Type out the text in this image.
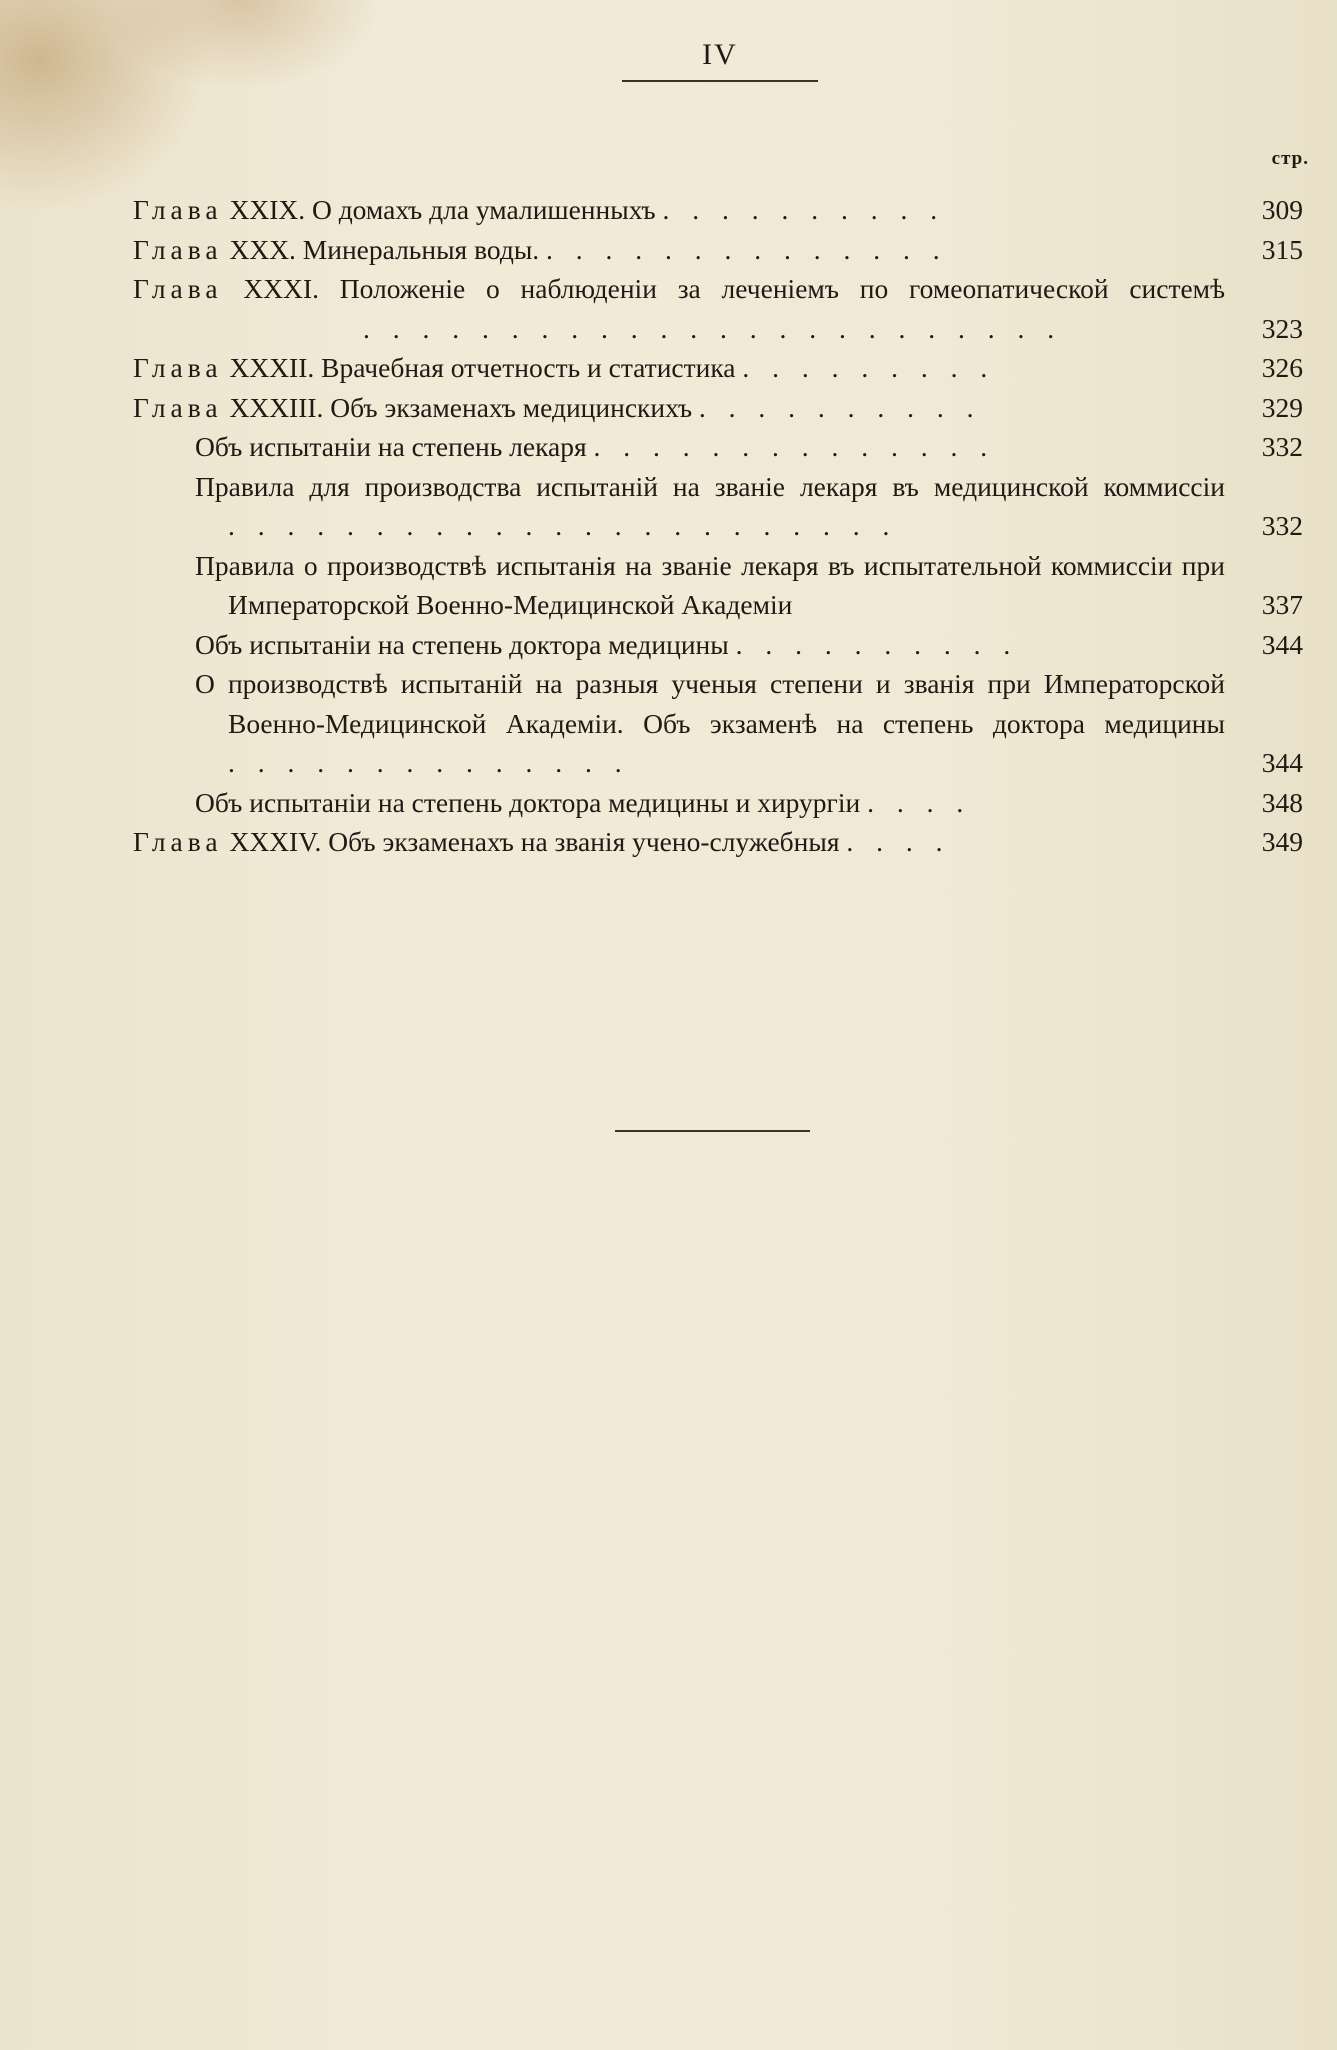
IV
стр.
Глава XXIX. О домахъ дла умалишенныхъ . . . . . . . . . .	309
Глава XXX. Минеральныя воды. . . . . . . . . . . . . . .	315
Глава XXXI. Положенiе о наблюденiи за леченiемъ по гомеопатической системѣ . . . . . . . . . . . . . . . . . . . . . . . .	323
Глава XXXII. Врачебная отчетность и статистика . . . . . . . . .	326
Глава XXXIII. Объ экзаменахъ медицинскихъ . . . . . . . . . .	329
Объ испытанiи на степень лекаря . . . . . . . . . . . . . .	332
Правила для производства испытанiй на званiе лекаря въ медицинской коммиссiи . . . . . . . . . . . . . . . . . . . . . . .	332
Правила о производствѣ испытанiя на званiе лекаря въ испытательной коммиссiи при Императорской Военно-Медицинской Академiи	337
Объ испытанiи на степень доктора медицины . . . . . . . . . .	344
О производствѣ испытанiй на разныя ученыя степени и званiя при Императорской Военно-Медицинской Академiи. Объ экзаменѣ на степень доктора медицины . . . . . . . . . . . . . .	344
Объ испытанiи на степень доктора медицины и хирургiи . . . .	348
Глава XXXIV. Объ экзаменахъ на званiя учено-служебныя . . . .	349
